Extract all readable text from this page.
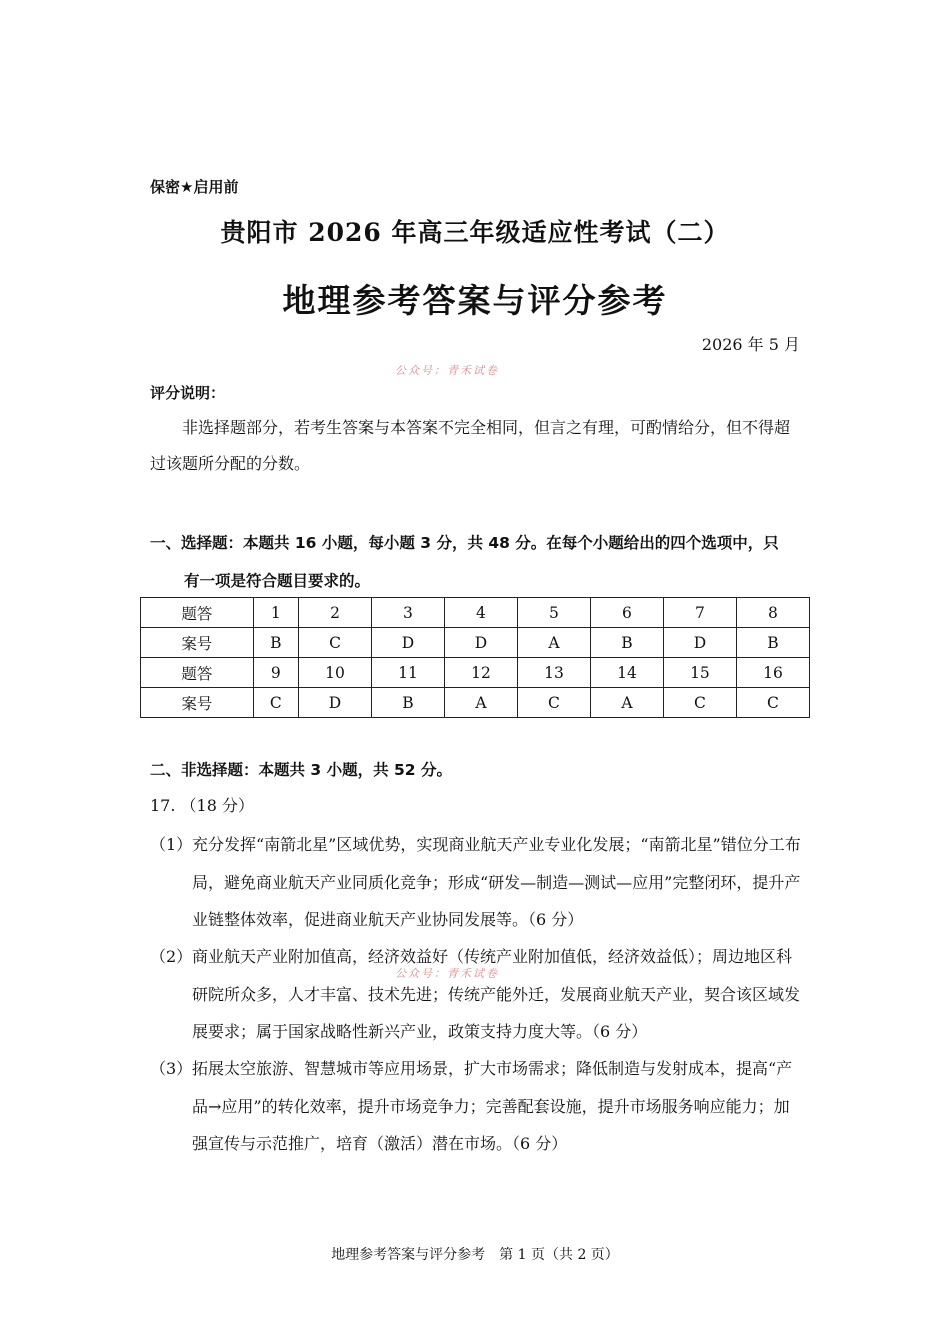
保密★启用前
贵阳市 2026 年高三年级适应性考试（二）
地理参考答案与评分参考
2026 年 5 月
公众号：青禾试卷
评分说明：
非选择题部分，若考生答案与本答案不完全相同，但言之有理，可酌情给分，但不得超过该题所分配的分数。
一、选择题：本题共 16 小题，每小题 3 分，共 48 分。在每个小题给出的四个选项中，只
有一项是符合题目要求的。
题答	1	2	3	4	5	6	7	8
案号	B	C	D	D	A	B	D	B
题答	9	10	11	12	13	14	15	16
案号	C	D	B	A	C	A	C	C
二、非选择题：本题共 3 小题，共 52 分。
17. （18 分）
（1） 充分发挥“南箭北星”区域优势，实现商业航天产业专业化发展；“南箭北星”错位分工布局，避免商业航天产业同质化竞争；形成“研发—制造—测试—应用”完整闭环，提升产业链整体效率，促进商业航天产业协同发展等。（6 分）
（2） 商业航天产业附加值高，经济效益好（传统产业附加值低，经济效益低）；周边地区科研院所众多，人才丰富、技术先进；传统产能外迁，发展商业航天产业，契合该区域发展要求；属于国家战略性新兴产业，政策支持力度大等。（6 分）
公众号：青禾试卷
（3） 拓展太空旅游、智慧城市等应用场景，扩大市场需求；降低制造与发射成本，提高“产品→应用”的转化效率，提升市场竞争力；完善配套设施，提升市场服务响应能力；加强宣传与示范推广，培育（激活）潜在市场。（6 分）
地理参考答案与评分参考　第 1 页（共 2 页）
